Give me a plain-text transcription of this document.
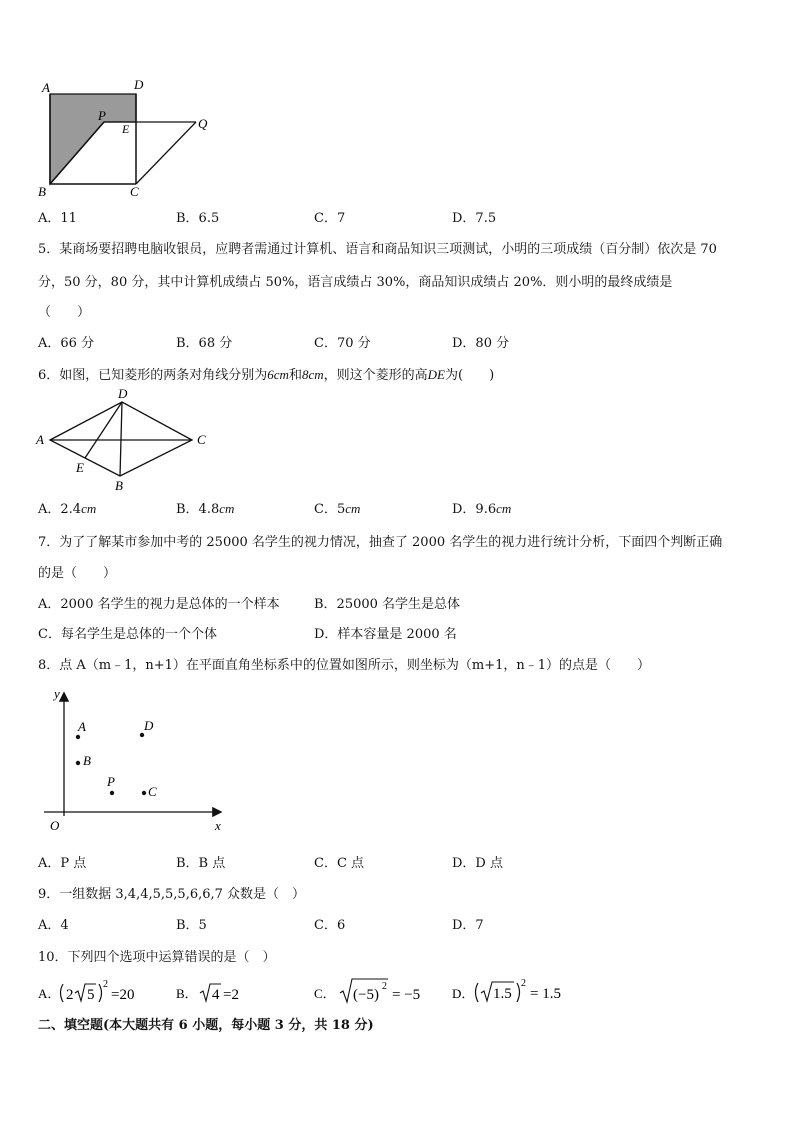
A	D
P
E	Q
B	C
A．11	B．6.5	C．7	D．7.5
5．某商场要招聘电脑收银员，应聘者需通过计算机、语言和商品知识三项测试，小明的三项成绩（百分制）依次是 70
分，50 分，80 分，其中计算机成绩占 50%，语言成绩占 30%，商品知识成绩占 20%．则小明的最终成绩是
（　　）
A．66 分	B．68 分	C．70 分	D．80 分
6．如图，已知菱形的两条对角线分别为6cm和8cm，则这个菱形的高DE为(　　)
A
D
C
E
B
A．2.4cm	B．4.8cm	C．5cm	D．9.6cm
7．为了了解某市参加中考的 25000 名学生的视力情况，抽查了 2000 名学生的视力进行统计分析，下面四个判断正确
的是（　　）
A．2000 名学生的视力是总体的一个样本	B．25000 名学生是总体
C．每名学生是总体的一个个体	D．样本容量是 2000 名
8．点 A（m﹣1，n+1）在平面直角坐标系中的位置如图所示，则坐标为（m+1，n﹣1）的点是（　　）
y
x
O
A
B
D
P
C
A．P 点	B．B 点	C．C 点	D．D 点
9．一组数据 3,4,4,5,5,5,6,6,7 众数是（　）
A．4	B．5	C．6	D．7
10．下列四个选项中运算错误的是（　）
A． 2 5
2
=20	B． 4 =2	C． (−5)
2
= −5 D． 1.5
2
= 1.5
二、填空题(本大题共有 6 小题，每小题 3 分，共 18 分)
